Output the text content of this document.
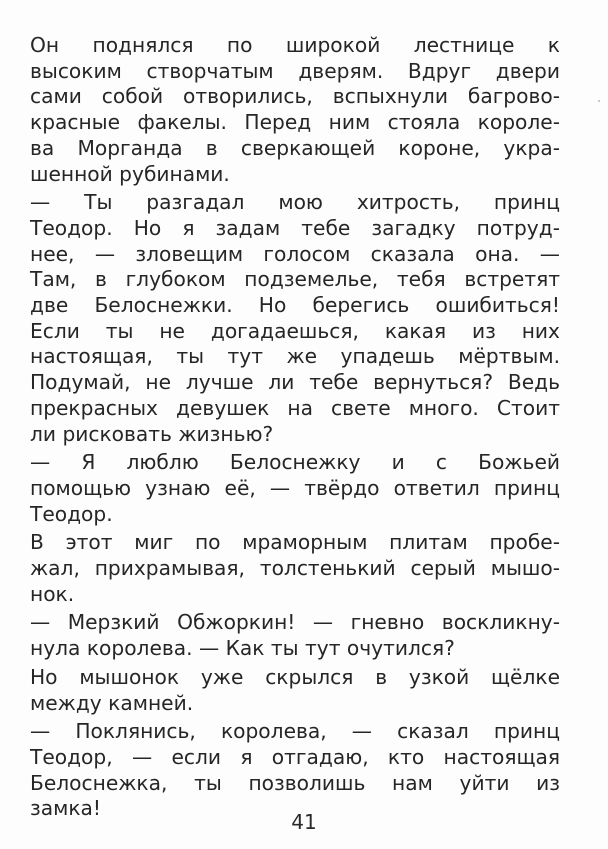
Он поднялся по широкой лестнице к
высоким створчатым дверям. Вдруг двери
сами собой отворились, вспыхнули багрово-
красные факелы. Перед ним стояла короле-
ва Морганда в сверкающей короне, укра-
шенной рубинами.

— Ты разгадал мою хитрость, принц
Теодор. Но я задам тебе загадку потруд-
нее, — зловещим голосом сказала она. —
Там, в глубоком подземелье, тебя встретят
две Белоснежки. Но берегись ошибиться!
Если ты не догадаешься, какая из них
настоящая, ты тут же упадешь мёртвым.
Подумай, не лучше ли тебе вернуться? Ведь
прекрасных девушек на свете много. Стоит
ли рисковать жизнью?

— Я люблю Белоснежку и с Божьей
помощью узнаю её, — твёрдо ответил принц
Теодор.

В этот миг по мраморным плитам пробе-
жал, прихрамывая, толстенький серый мышо-
нок.

— Мерзкий Обжоркин! — гневно воскликну-
нула королева. — Как ты тут очутился?

Но мышонок уже скрылся в узкой щёлке
между камней.

— Поклянись, королева, — сказал принц
Теодор, — если я отгадаю, кто настоящая
Белоснежка, ты позволишь нам уйти из
замка!

41
